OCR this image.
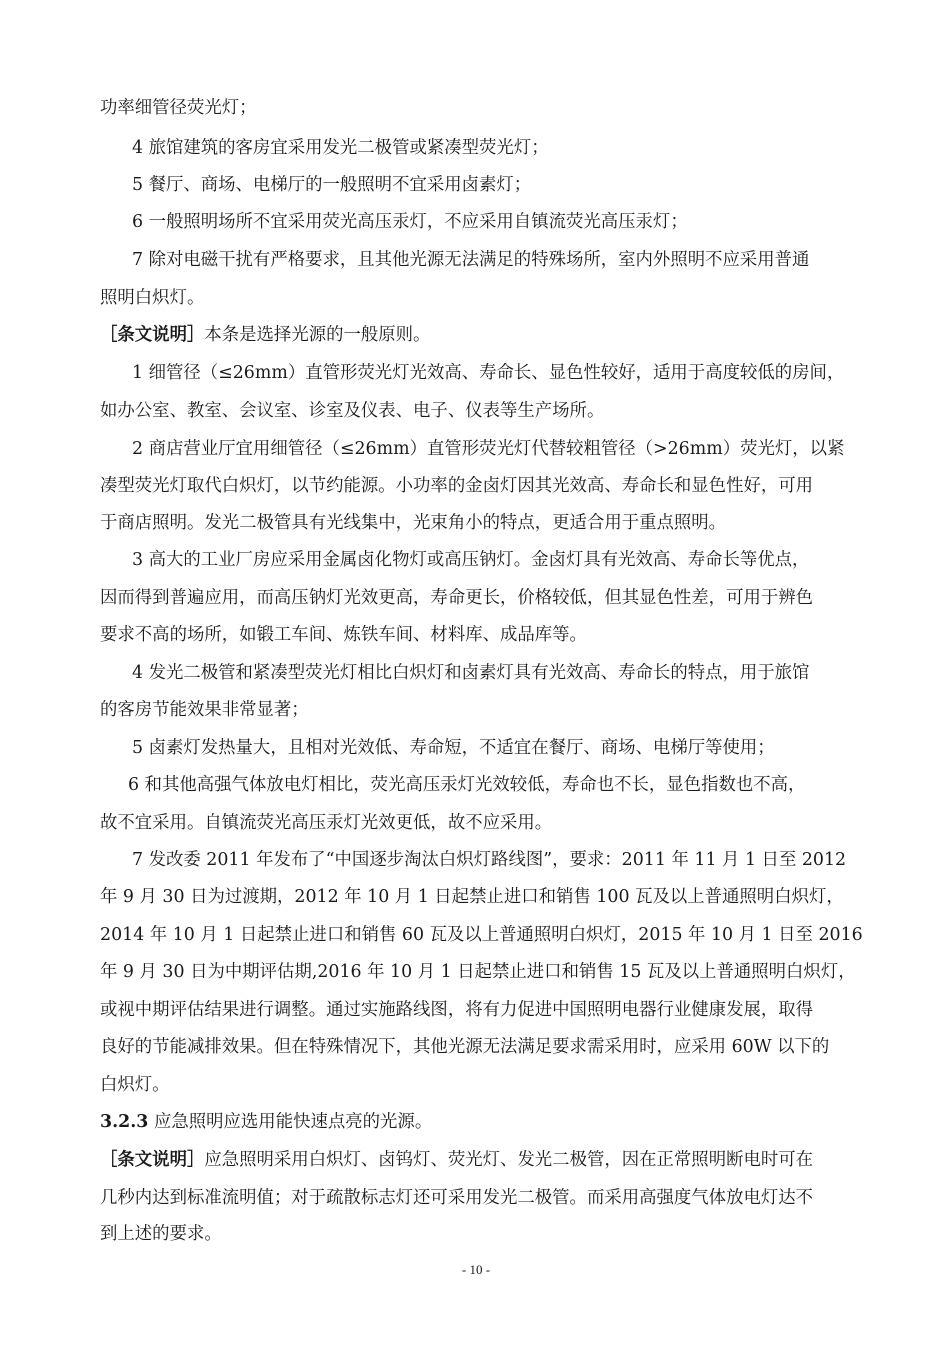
功率细管径荧光灯；
4 旅馆建筑的客房宜采用发光二极管或紧凑型荧光灯；
5 餐厅、商场、电梯厅的一般照明不宜采用卤素灯；
6 一般照明场所不宜采用荧光高压汞灯，不应采用自镇流荧光高压汞灯；
7 除对电磁干扰有严格要求，且其他光源无法满足的特殊场所，室内外照明不应采用普通
照明白炽灯。
［条文说明］本条是选择光源的一般原则。
1 细管径（≤26mm）直管形荧光灯光效高、寿命长、显色性较好，适用于高度较低的房间，
如办公室、教室、会议室、诊室及仪表、电子、仪表等生产场所。
2 商店营业厅宜用细管径（≤26mm）直管形荧光灯代替较粗管径（>26mm）荧光灯，以紧
凑型荧光灯取代白炽灯，以节约能源。小功率的金卤灯因其光效高、寿命长和显色性好，可用
于商店照明。发光二极管具有光线集中，光束角小的特点，更适合用于重点照明。
3 高大的工业厂房应采用金属卤化物灯或高压钠灯。金卤灯具有光效高、寿命长等优点，
因而得到普遍应用，而高压钠灯光效更高，寿命更长，价格较低，但其显色性差，可用于辨色
要求不高的场所，如锻工车间、炼铁车间、材料库、成品库等。
4 发光二极管和紧凑型荧光灯相比白炽灯和卤素灯具有光效高、寿命长的特点，用于旅馆
的客房节能效果非常显著；
5 卤素灯发热量大，且相对光效低、寿命短，不适宜在餐厅、商场、电梯厅等使用；
6 和其他高强气体放电灯相比，荧光高压汞灯光效较低，寿命也不长，显色指数也不高，
故不宜采用。自镇流荧光高压汞灯光效更低，故不应采用。
7 发改委 2011 年发布了“中国逐步淘汰白炽灯路线图”，要求：2011 年 11 月 1 日至 2012
年 9 月 30 日为过渡期，2012 年 10 月 1 日起禁止进口和销售 100 瓦及以上普通照明白炽灯，
2014 年 10 月 1 日起禁止进口和销售 60 瓦及以上普通照明白炽灯，2015 年 10 月 1 日至 2016
年 9 月 30 日为中期评估期,2016 年 10 月 1 日起禁止进口和销售 15 瓦及以上普通照明白炽灯，
或视中期评估结果进行调整。通过实施路线图，将有力促进中国照明电器行业健康发展，取得
良好的节能减排效果。但在特殊情况下，其他光源无法满足要求需采用时，应采用 60W 以下的
白炽灯。
3.2.3 应急照明应选用能快速点亮的光源。
［条文说明］应急照明采用白炽灯、卤钨灯、荧光灯、发光二极管，因在正常照明断电时可在
几秒内达到标准流明值；对于疏散标志灯还可采用发光二极管。而采用高强度气体放电灯达不
到上述的要求。
- 10 -
